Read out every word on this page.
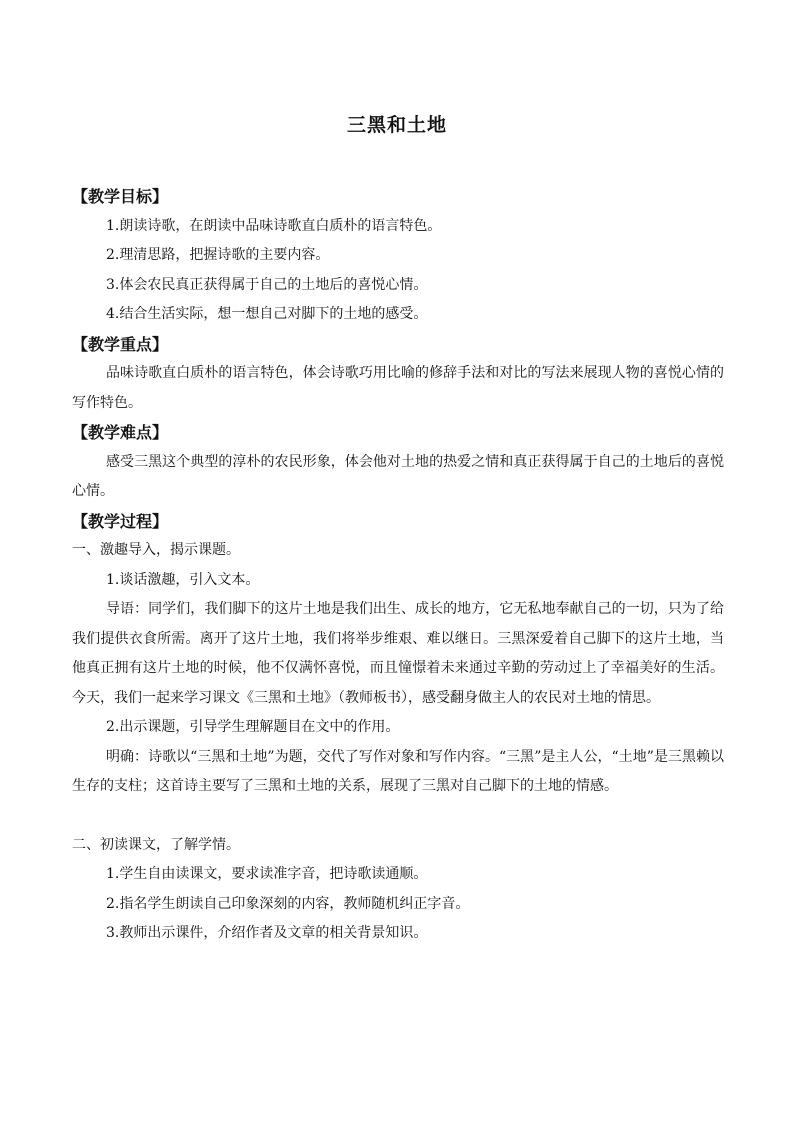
三黑和土地
【教学目标】
1.朗读诗歌，在朗读中品味诗歌直白质朴的语言特色。
2.理清思路，把握诗歌的主要内容。
3.体会农民真正获得属于自己的土地后的喜悦心情。
4.结合生活实际，想一想自己对脚下的土地的感受。
【教学重点】
品味诗歌直白质朴的语言特色，体会诗歌巧用比喻的修辞手法和对比的写法来展现人物的喜悦心情的写作特色。
【教学难点】
感受三黑这个典型的淳朴的农民形象，体会他对土地的热爱之情和真正获得属于自己的土地后的喜悦心情。
【教学过程】
一、激趣导入，揭示课题。
1.谈话激趣，引入文本。
导语：同学们，我们脚下的这片土地是我们出生、成长的地方，它无私地奉献自己的一切，只为了给我们提供衣食所需。离开了这片土地，我们将举步维艰、难以继日。三黑深爱着自己脚下的这片土地，当他真正拥有这片土地的时候，他不仅满怀喜悦，而且憧憬着未来通过辛勤的劳动过上了幸福美好的生活。今天，我们一起来学习课文《三黑和土地》（教师板书），感受翻身做主人的农民对土地的情思。
2.出示课题，引导学生理解题目在文中的作用。
明确：诗歌以“三黑和土地”为题，交代了写作对象和写作内容。“三黑”是主人公，“土地”是三黑赖以生存的支柱；这首诗主要写了三黑和土地的关系，展现了三黑对自己脚下的土地的情感。
二、初读课文，了解学情。
1.学生自由读课文，要求读准字音，把诗歌读通顺。
2.指名学生朗读自己印象深刻的内容，教师随机纠正字音。
3.教师出示课件，介绍作者及文章的相关背景知识。
